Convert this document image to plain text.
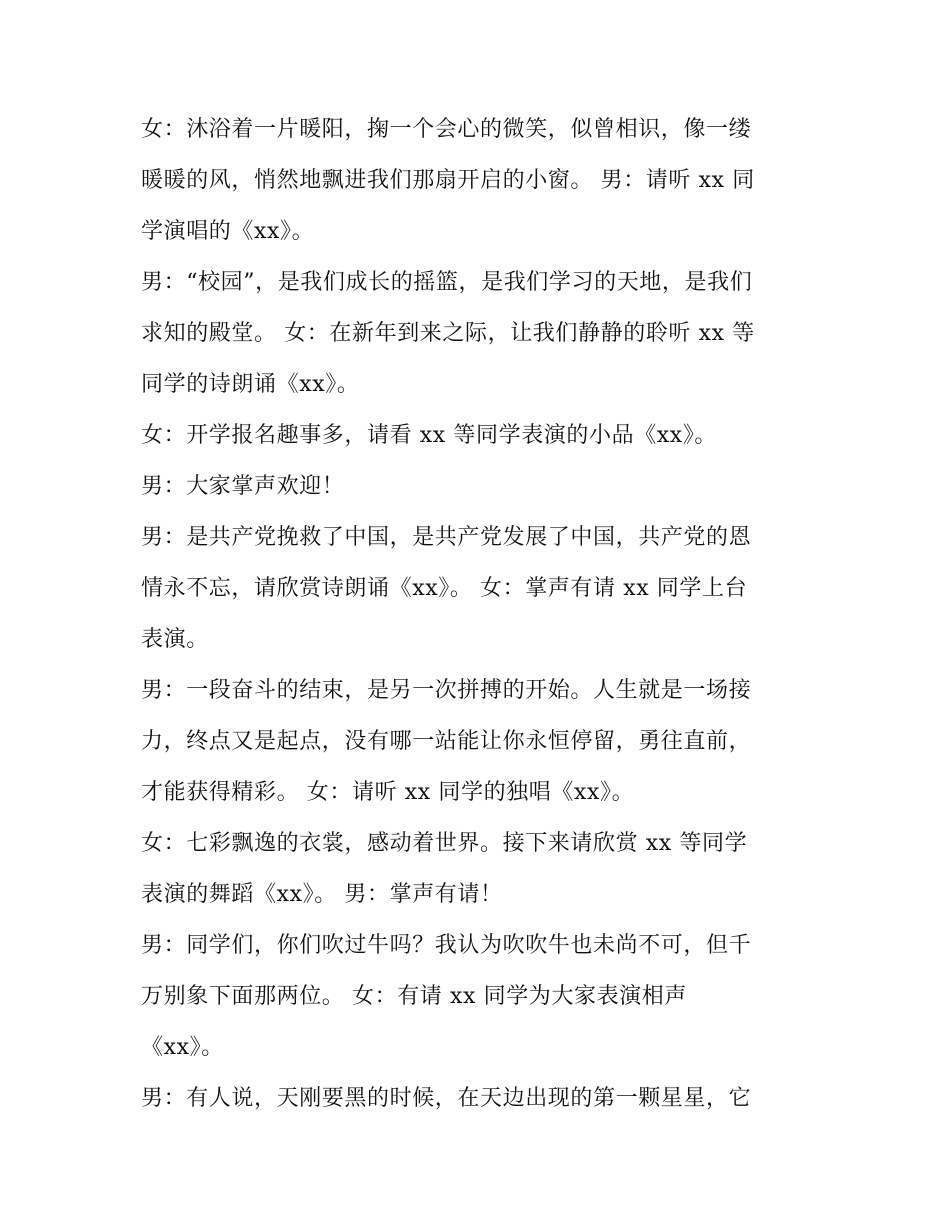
女：沐浴着一片暖阳，掬一个会心的微笑，似曾相识，像一缕
暖暖的风，悄然地飘进我们那扇开启的小窗。 男：请听 xx 同
学演唱的《xx》。

男：“校园”，是我们成长的摇篮，是我们学习的天地，是我们
求知的殿堂。 女：在新年到来之际，让我们静静的聆听 xx 等
同学的诗朗诵《xx》。

女：开学报名趣事多，请看 xx 等同学表演的小品《xx》。

男：大家掌声欢迎！

男：是共产党挽救了中国，是共产党发展了中国，共产党的恩
情永不忘，请欣赏诗朗诵《xx》。 女：掌声有请 xx 同学上台
表演。

男：一段奋斗的结束，是另一次拼搏的开始。人生就是一场接
力，终点又是起点，没有哪一站能让你永恒停留，勇往直前，
才能获得精彩。 女：请听 xx 同学的独唱《xx》。

女：七彩飘逸的衣裳，感动着世界。接下来请欣赏 xx 等同学
表演的舞蹈《xx》。 男：掌声有请！

男：同学们，你们吹过牛吗？我认为吹吹牛也未尚不可，但千
万别象下面那两位。 女：有请 xx 同学为大家表演相声
《xx》。

男：有人说，天刚要黑的时候，在天边出现的第一颗星星，它
